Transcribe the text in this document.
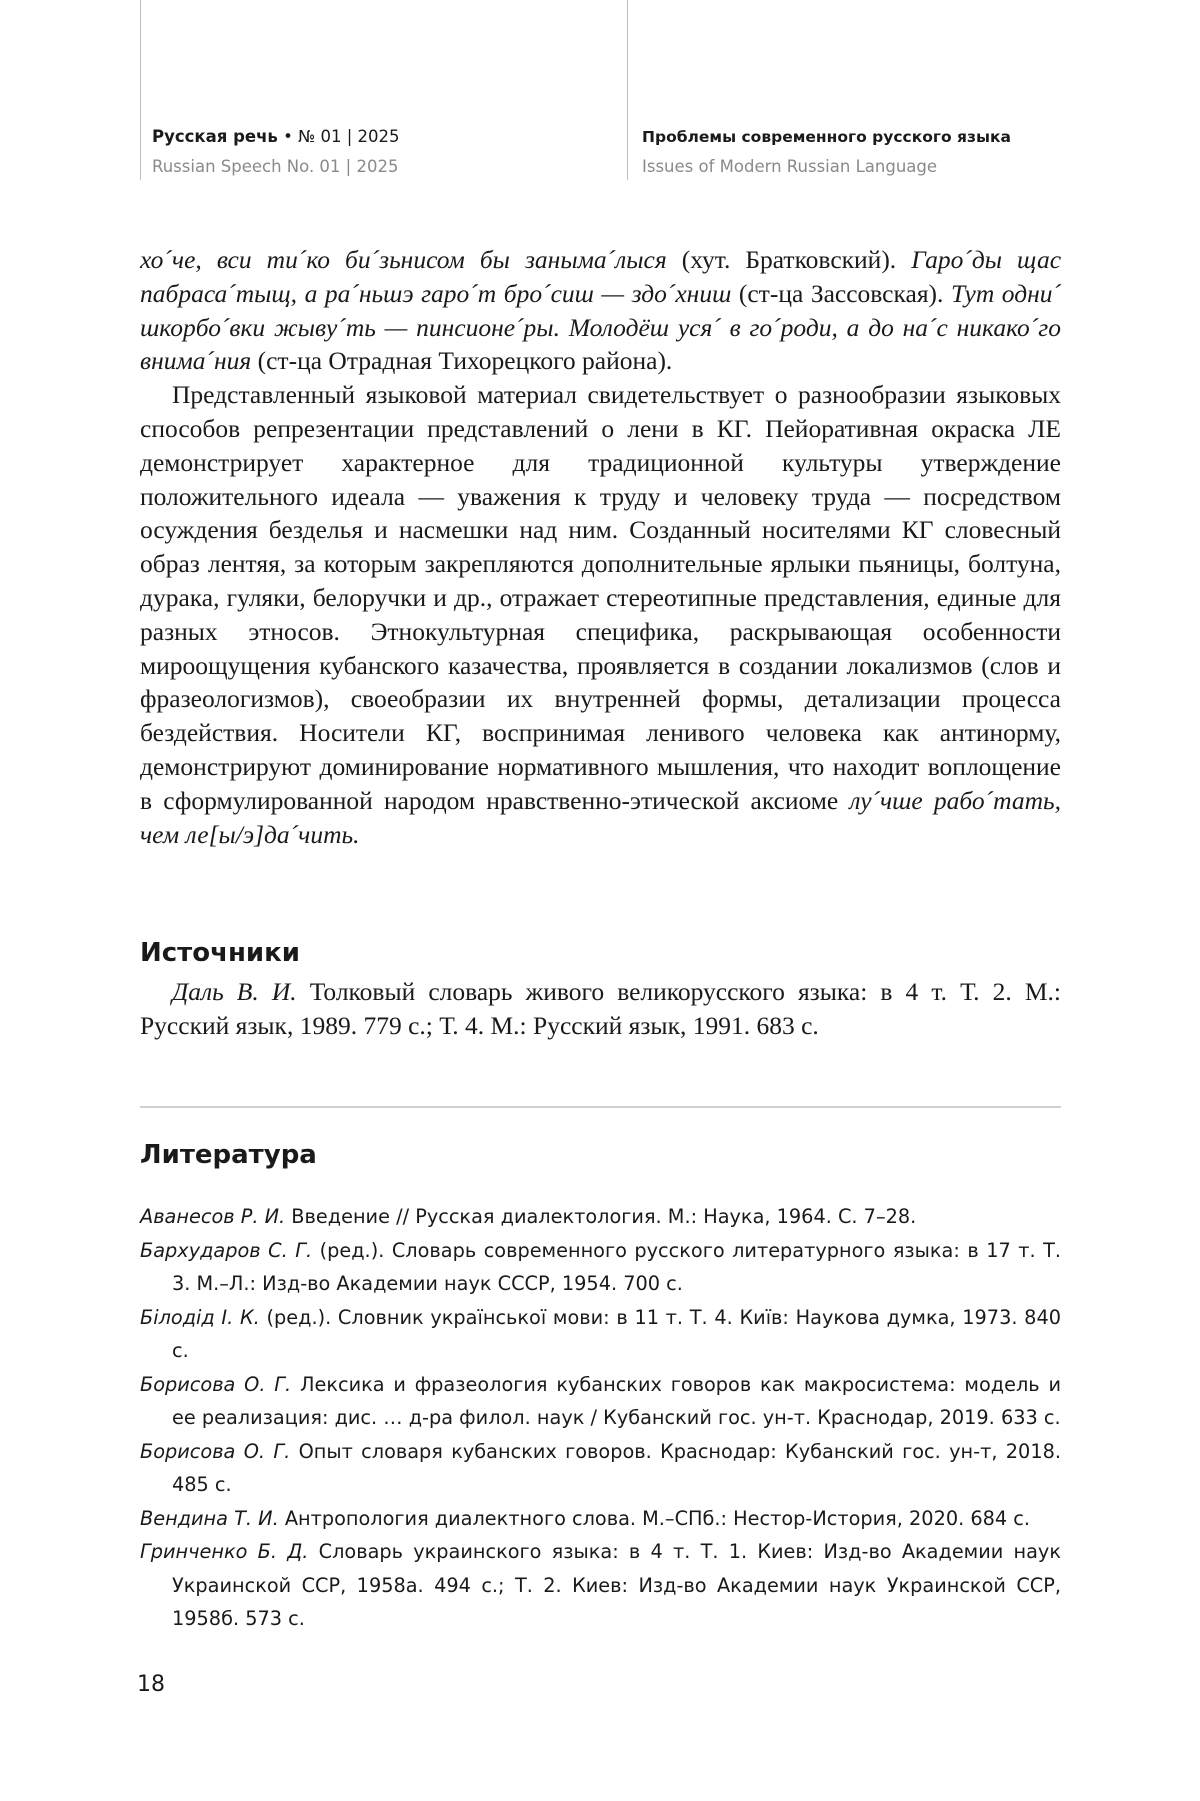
Русская речь • № 01 | 2025
Russian Speech No. 01 | 2025
Проблемы современного русского языка
Issues of Modern Russian Language

хо´че, вси ти´ко би´зьнисом бы заныма´лыся (хут. Братковский). Гаро´ды щас пабраса´тыщ, а ра´ньшэ гаро´т бро´сиш — здо´хниш (ст-ца Зассовская). Тут одни´ шкорбо´вки жыву´ть — пинсионе´ры. Молодёш уся´ в го´роди, а до на´с никако´го внима´ния (ст-ца Отрадная Тихорецкого района).

Представленный языковой материал свидетельствует о разнообразии языковых способов репрезентации представлений о лени в КГ. Пейоративная окраска ЛЕ демонстрирует характерное для традиционной культуры утверждение положительного идеала — уважения к труду и человеку труда — посредством осуждения безделья и насмешки над ним. Созданный носителями КГ словесный образ лентяя, за которым закрепляются дополнительные ярлыки пьяницы, болтуна, дурака, гуляки, белоручки и др., отражает стереотипные представления, единые для разных этносов. Этнокультурная специфика, раскрывающая особенности мироощущения кубанского казачества, проявляется в создании локализмов (слов и фразеологизмов), своеобразии их внутренней формы, детализации процесса бездействия. Носители КГ, воспринимая ленивого человека как антинорму, демонстрируют доминирование нормативного мышления, что находит воплощение в сформулированной народом нравственно-этической аксиоме лу´чше рабо´тать, чем ле[ы/э]да´чить.

Источники

Даль В. И. Толковый словарь живого великорусского языка: в 4 т. Т. 2. М.: Русский язык, 1989. 779 с.; Т. 4. М.: Русский язык, 1991. 683 с.

Литература

Аванесов Р. И. Введение // Русская диалектология. М.: Наука, 1964. С. 7–28.

Бархударов С. Г. (ред.). Словарь современного русского литературного языка: в 17 т. Т. 3. М.–Л.: Изд-во Академии наук СССР, 1954. 700 с.

Білодід І. К. (ред.). Словник української мови: в 11 т. Т. 4. Київ: Наукова думка, 1973. 840 с.

Борисова О. Г. Лексика и фразеология кубанских говоров как макросистема: модель и ее реализация: дис. … д-ра филол. наук / Кубанский гос. ун-т. Краснодар, 2019. 633 с.

Борисова О. Г. Опыт словаря кубанских говоров. Краснодар: Кубанский гос. ун-т, 2018. 485 с.

Вендина Т. И. Антропология диалектного слова. М.–СПб.: Нестор-История, 2020. 684 с.

Гринченко Б. Д. Словарь украинского языка: в 4 т. Т. 1. Киев: Изд-во Академии наук Украинской ССР, 1958а. 494 с.; Т. 2. Киев: Изд-во Академии наук Украинской ССР, 1958б. 573 с.

18
